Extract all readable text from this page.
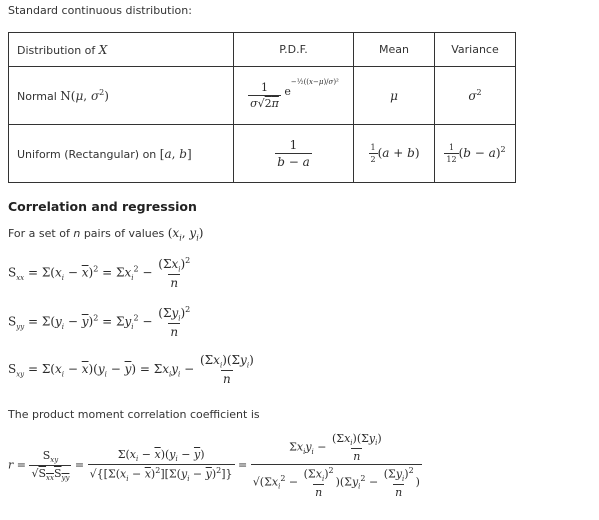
Standard continuous distribution:
Distribution of X	P.D.F.	Mean	Variance
Normal N(μ, $\sigma^2$)	$\frac{1}{\sigma√2\pi} e^{-\frac{1}{2}((x-\mu)/\sigma)^2}$	μ	$\sigma^2$
Uniform (Rectangular) on [a, b]	$\frac{1}{b - a}$	$\frac{1}{2} (a + b)$	$\frac{1}{12} (b - a)^2$
Correlation and regression
For a set of n pairs of values ($x_i$, $y_i$)
$S_{xx} = \Sigma(x_i - \overline{x})^2 = \Sigma x_i^2 - \frac{(\Sigma x_i)^2}{n}$
$S_{yy} = \Sigma(y_i - \overline{y})^2 = \Sigma y_i^2 - \frac{(\Sigma y_i)^2}{n}$
$S_{xy} = \Sigma(x_i - \overline{x})(y_i - \overline{y}) = \Sigma x_iy_i - \frac{(\Sigma x_i)(\Sigma y_i)}{n}$
The product moment correlation coefficient is
$r = \frac{S_{xy}}{√S_{xx}S_{yy}} = \frac{\Sigma(x_i - \overline{x})(y_i - \overline{y})}{√\{[\Sigma(x_i - \overline{x})^2][\Sigma(y_i - \overline{y})^2]\}} = \frac{\Sigma x_iy_i - \frac{(\Sigma x_i)(\Sigma y_i)}{n}}{√(\Sigma x_i^2 - \frac{(\Sigma x_i)^2}{n} )(\Sigma y_i^2 - \frac{(\Sigma y_i)^2}{n} )}$
